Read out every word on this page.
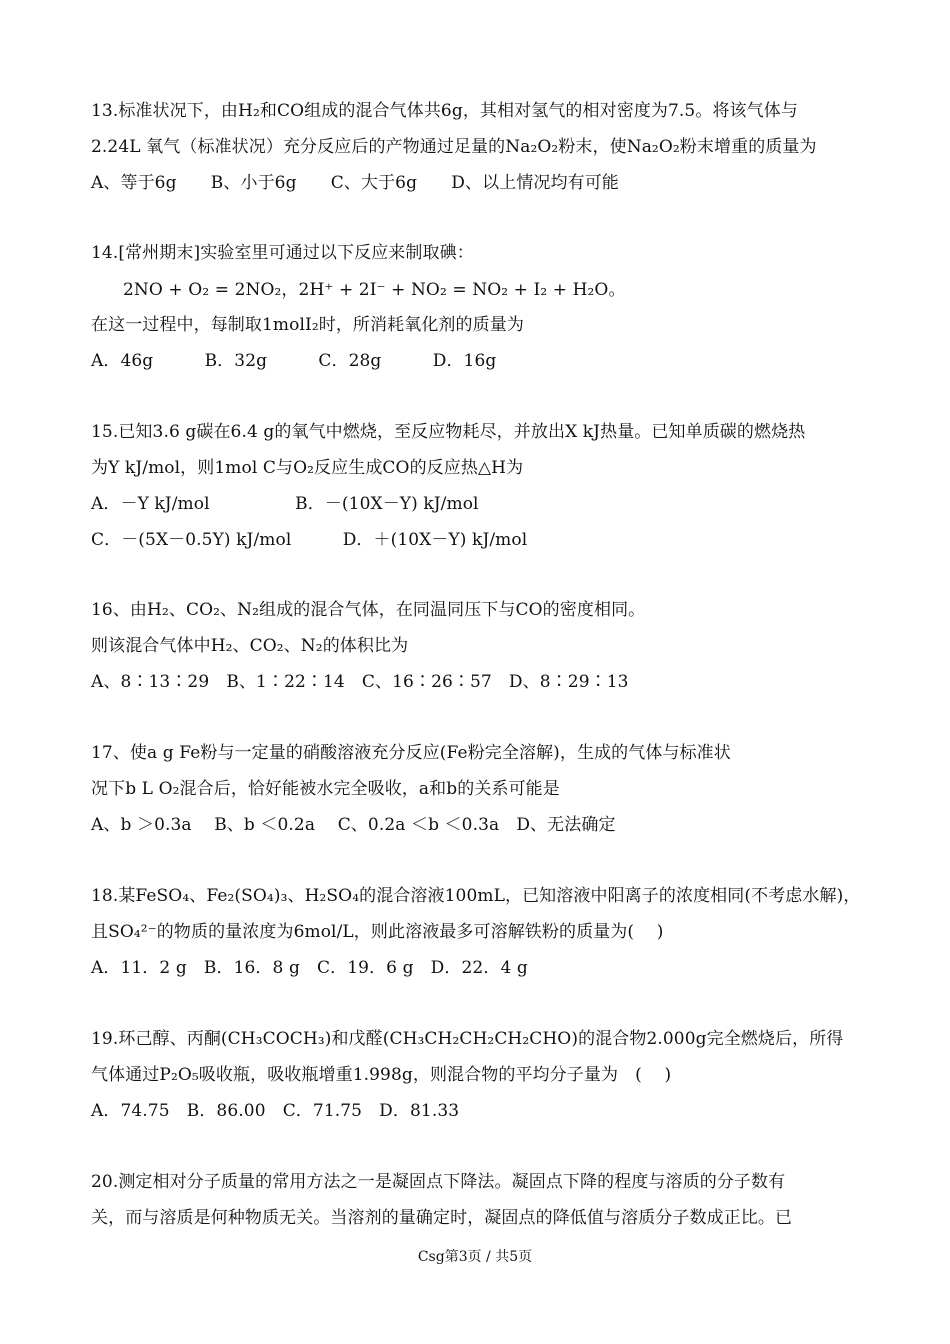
13.标准状况下，由H₂和CO组成的混合气体共6g，其相对氢气的相对密度为7.5。将该气体与
2.24L 氧气（标准状况）充分反应后的产物通过足量的Na₂O₂粉末，使Na₂O₂粉末增重的质量为
A、等于6g　　B、小于6g　　C、大于6g　　D、以上情况均有可能
14.[常州期末]实验室里可通过以下反应来制取碘：
2NO + O₂ = 2NO₂，2H⁺ + 2I⁻ + NO₂ = NO₂ + I₂ + H₂O。
在这一过程中，每制取1molI₂时，所消耗氧化剂的质量为
A．46g　　　B．32g　　　C．28g　　　D．16g
15.已知3.6 g碳在6.4 g的氧气中燃烧，至反应物耗尽，并放出X kJ热量。已知单质碳的燃烧热
为Y kJ/mol，则1mol C与O₂反应生成CO的反应热△H为
A．－Y kJ/mol　　　　　B．－(10X－Y) kJ/mol
C．－(5X－0.5Y) kJ/mol　　　D．＋(10X－Y) kJ/mol
16、由H₂、CO₂、N₂组成的混合气体，在同温同压下与CO的密度相同。
则该混合气体中H₂、CO₂、N₂的体积比为
A、8∶13∶29　B、1∶22∶14　C、16∶26∶57　D、8∶29∶13
17、使a g Fe粉与一定量的硝酸溶液充分反应(Fe粉完全溶解)，生成的气体与标准状
况下b L O₂混合后，恰好能被水完全吸收，a和b的关系可能是
A、b ＞0.3a　 B、b ＜0.2a　 C、0.2a ＜b ＜0.3a　D、无法确定
18.某FeSO₄、Fe₂(SO₄)₃、H₂SO₄的混合溶液100mL，已知溶液中阳离子的浓度相同(不考虑水解)，
且SO₄²⁻的物质的量浓度为6mol/L，则此溶液最多可溶解铁粉的质量为(　 )
A．11．2 g　B．16．8 g　C．19．6 g　D．22．4 g
19.环己醇、丙酮(CH₃COCH₃)和戊醛(CH₃CH₂CH₂CH₂CHO)的混合物2.000g完全燃烧后，所得
气体通过P₂O₅吸收瓶，吸收瓶增重1.998g，则混合物的平均分子量为　(　 )
A．74.75　B．86.00　C．71.75　D．81.33
20.测定相对分子质量的常用方法之一是凝固点下降法。凝固点下降的程度与溶质的分子数有
关，而与溶质是何种物质无关。当溶剂的量确定时，凝固点的降低值与溶质分子数成正比。已
Csg第3页 / 共5页
